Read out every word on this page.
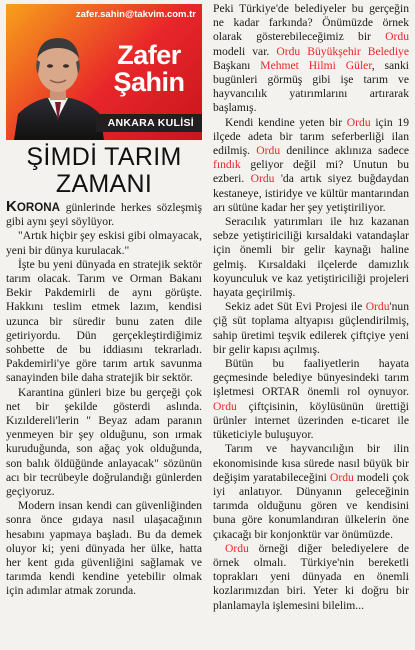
zafer.sahin@takvim.com.tr
Zafer
Şahin
ANKARA KULİSİ
ŞİMDİ TARIM
ZAMANI

KORONA günlerinde herkes sözleşmiş gibi aynı şeyi söylüyor.

"Artık hiçbir şey eskisi gibi olmayacak, yeni bir dünya kurulacak."

İşte bu yeni dünyada en stratejik sektör tarım olacak. Tarım ve Orman Bakanı Bekir Pakdemirli de aynı görüşte. Hakkını teslim etmek lazım, kendisi uzunca bir süredir bunu zaten dile getiriyordu. Dün gerçekleştirdiğimiz sohbette de bu iddiasını tekrarladı. Pakdemirli'ye göre tarım artık savunma sanayinden bile daha stratejik bir sektör.

Karantina günleri bize bu gerçeği çok net bir şekilde gösterdi aslında. Kızıldereli'lerin " Beyaz adam paranın yenmeyen bir şey olduğunu, son ırmak kuruduğunda, son ağaç yok olduğunda, son balık öldüğünde anlayacak" sözünün acı bir tecrübeyle doğrulandığı günlerden geçiyoruz.

Modern insan kendi can güvenliğinden sonra önce gıdaya nasıl ulaşacağının hesabını yapmaya başladı. Bu da demek oluyor ki; yeni dünyada her ülke, hatta her kent gıda güvenliğini sağlamak ve tarımda kendi kendine yetebilir olmak için adımlar atmak zorunda.

Peki Türkiye'de belediyeler bu gerçeğin ne kadar farkında? Önümüzde örnek olarak gösterebileceğimiz bir Ordu modeli var. Ordu Büyükşehir Belediye Başkanı Mehmet Hilmi Güler, sanki bugünleri görmüş gibi işe tarım ve hayvancılık yatırımlarını artırarak başlamış.

Kendi kendine yeten bir Ordu için 19 ilçede adeta bir tarım seferberliği ilan edilmiş. Ordu denilince aklınıza sadece fındık geliyor değil mi? Unutun bu ezberi. Ordu 'da artık siyez buğdaydan kestaneye, istiridye ve kültür mantarından arı sütüne kadar her şey yetiştiriliyor.

Seracılık yatırımları ile hız kazanan sebze yetiştiriciliği kırsaldaki vatandaşlar için önemli bir gelir kaynağı haline gelmiş. Kırsaldaki ilçelerde damızlık koyunculuk ve kaz yetiştiriciliği projeleri hayata geçirilmiş.

Sekiz adet Süt Evi Projesi ile Ordu'nun çiğ süt toplama altyapısı güçlendirilmiş, sahip üretimi teşvik edilerek çiftçiye yeni bir gelir kapısı açılmış.

Bütün bu faaliyetlerin hayata geçmesinde belediye bünyesindeki tarım işletmesi ORTAR önemli rol oynuyor. Ordu çiftçisinin, köylüsünün ürettiği ürünler internet üzerinden e-ticaret ile tüketiciyle buluşuyor.

Tarım ve hayvancılığın bir ilin ekonomisinde kısa sürede nasıl büyük bir değişim yaratabileceğini Ordu modeli çok iyi anlatıyor. Dünyanın geleceğinin tarımda olduğunu gören ve kendisini buna göre konumlandıran ülkelerin öne çıkacağı bir konjonktür var önümüzde.

Ordu örneği diğer belediyelere de örnek olmalı. Türkiye'nin bereketli toprakları yeni dünyada en önemli kozlarımızdan biri. Yeter ki doğru bir planlamayla işlemesini bilelim...
